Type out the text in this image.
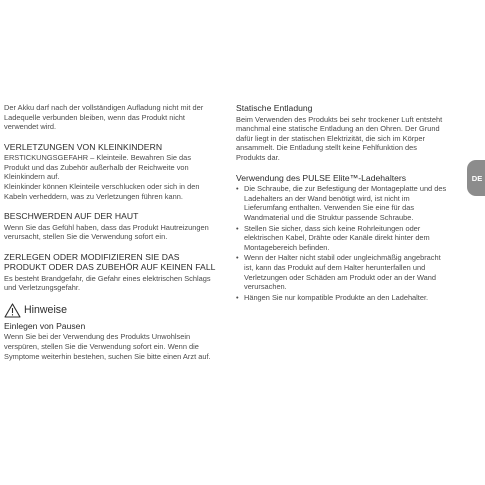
Der Akku darf nach der vollständigen Aufladung nicht mit der Ladequelle verbunden bleiben, wenn das Produkt nicht verwendet wird.

VERLETZUNGEN VON KLEINKINDERN

ERSTICKUNGSGEFAHR – Kleinteile. Bewahren Sie das Produkt und das Zubehör außerhalb der Reichweite von Kleinkindern auf.

Kleinkinder können Kleinteile verschlucken oder sich in den Kabeln verheddern, was zu Verletzungen führen kann.

BESCHWERDEN AUF DER HAUT

Wenn Sie das Gefühl haben, dass das Produkt Hautreizungen verursacht, stellen Sie die Verwendung sofort ein.

ZERLEGEN ODER MODIFIZIEREN SIE DAS PRODUKT ODER DAS ZUBEHÖR AUF KEINEN FALL

Es besteht Brandgefahr, die Gefahr eines elektrischen Schlags und Verletzungsgefahr.

Hinweise
Einlegen von Pausen

Wenn Sie bei der Verwendung des Produkts Unwohlsein verspüren, stellen Sie die Verwendung sofort ein. Wenn die Symptome weiterhin bestehen, suchen Sie bitte einen Arzt auf.

Statische Entladung

Beim Verwenden des Produkts bei sehr trockener Luft entsteht manchmal eine statische Entladung an den Ohren. Der Grund dafür liegt in der statischen Elektrizität, die sich im Körper ansammelt. Die Entladung stellt keine Fehlfunktion des Produkts dar.

Verwendung des PULSE Elite™-Ladehalters
• Die Schraube, die zur Befestigung der Montageplatte und des Ladehalters an der Wand benötigt wird, ist nicht im Lieferumfang enthalten. Verwenden Sie eine für das Wandmaterial und die Struktur passende Schraube.
• Stellen Sie sicher, dass sich keine Rohrleitungen oder elektrischen Kabel, Drähte oder Kanäle direkt hinter dem Montagebereich befinden.
• Wenn der Halter nicht stabil oder ungleichmäßig angebracht ist, kann das Produkt auf dem Halter herunterfallen und Verletzungen oder Schäden am Produkt oder an der Wand verursachen.
• Hängen Sie nur kompatible Produkte an den Ladehalter.
DE
